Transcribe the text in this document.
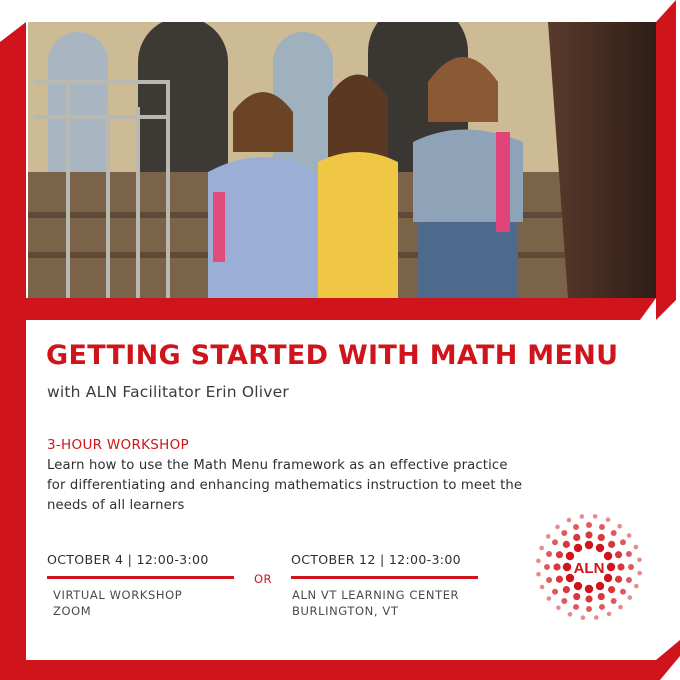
GETTING STARTED WITH MATH MENU

with ALN Facilitator Erin Oliver

3-HOUR WORKSHOP
Learn how to use the Math Menu framework as an effective practice for differentiating and enhancing mathematics instruction to meet the needs of all learners
OCTOBER 4 | 12:00-3:00
VIRTUAL WORKSHOP
ZOOM
OR
OCTOBER 12 | 12:00-3:00
ALN VT LEARNING CENTER
BURLINGTON, VT
ALN
